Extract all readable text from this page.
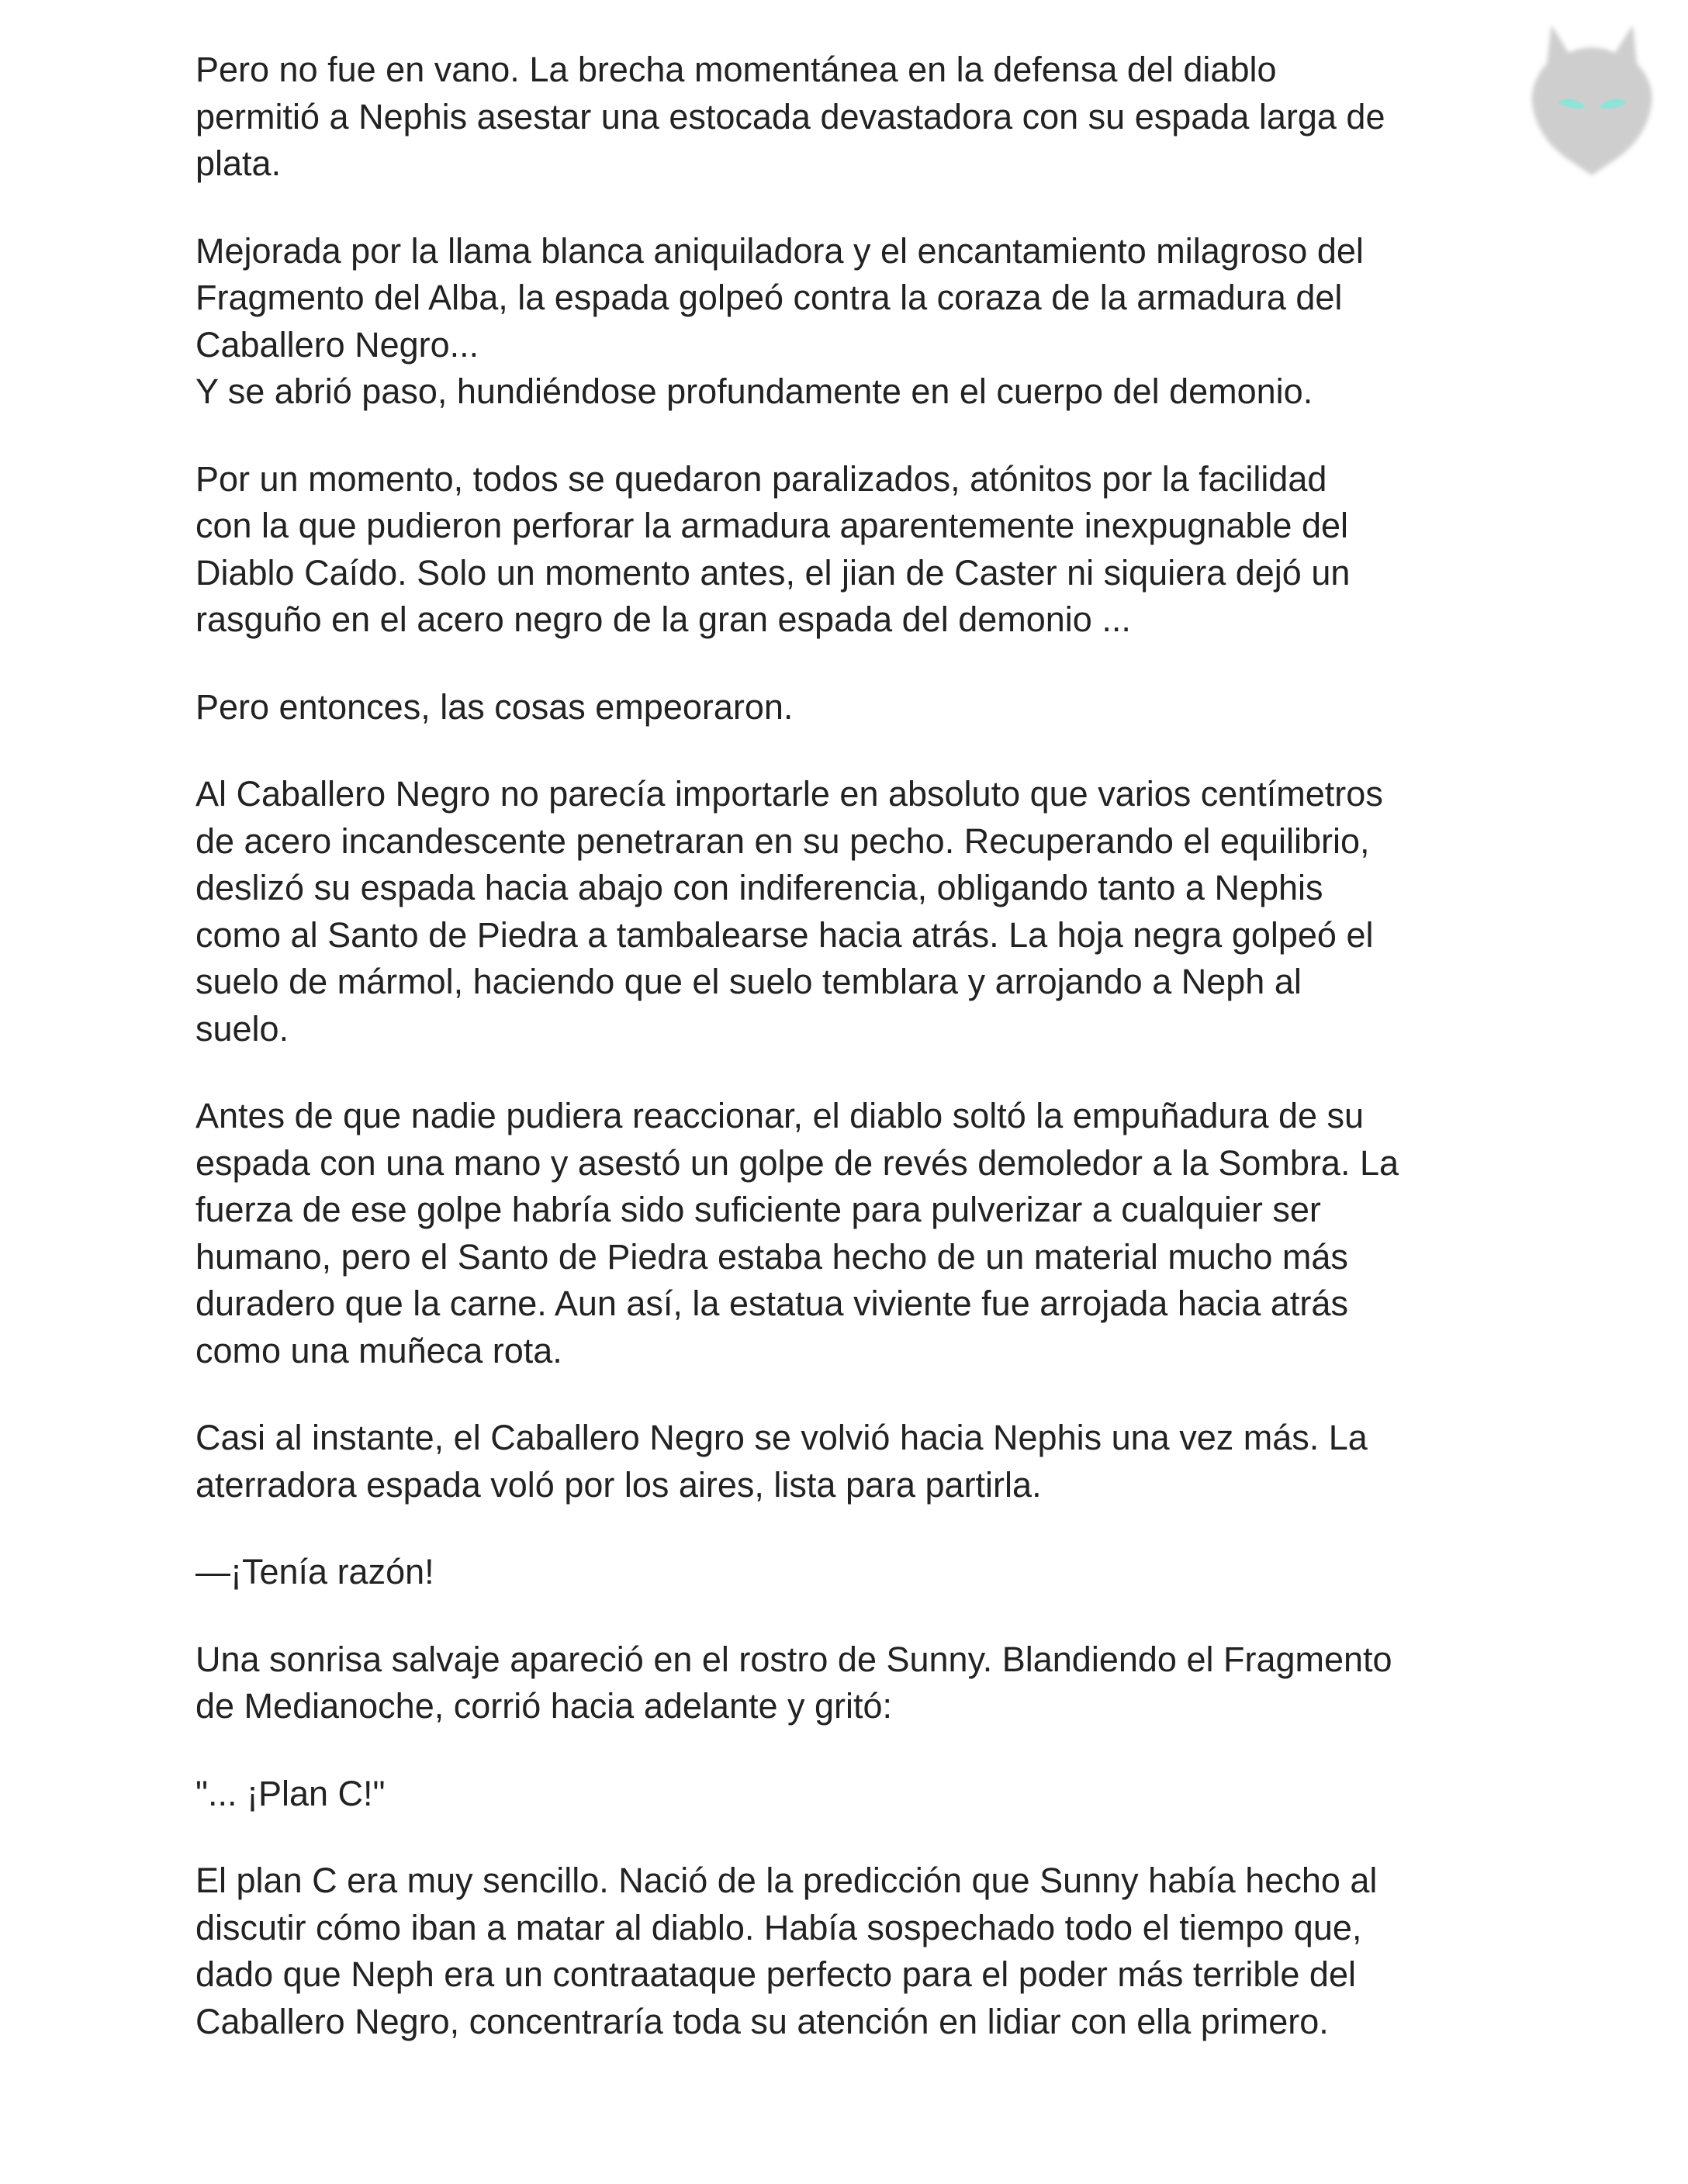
Pero no fue en vano. La brecha momentánea en la defensa del diablo
permitió a Nephis asestar una estocada devastadora con su espada larga de
plata.

Mejorada por la llama blanca aniquiladora y el encantamiento milagroso del
Fragmento del Alba, la espada golpeó contra la coraza de la armadura del
Caballero Negro...
Y se abrió paso, hundiéndose profundamente en el cuerpo del demonio.

Por un momento, todos se quedaron paralizados, atónitos por la facilidad
con la que pudieron perforar la armadura aparentemente inexpugnable del
Diablo Caído. Solo un momento antes, el jian de Caster ni siquiera dejó un
rasguño en el acero negro de la gran espada del demonio ...

Pero entonces, las cosas empeoraron.

Al Caballero Negro no parecía importarle en absoluto que varios centímetros
de acero incandescente penetraran en su pecho. Recuperando el equilibrio,
deslizó su espada hacia abajo con indiferencia, obligando tanto a Nephis
como al Santo de Piedra a tambalearse hacia atrás. La hoja negra golpeó el
suelo de mármol, haciendo que el suelo temblara y arrojando a Neph al
suelo.

Antes de que nadie pudiera reaccionar, el diablo soltó la empuñadura de su
espada con una mano y asestó un golpe de revés demoledor a la Sombra. La
fuerza de ese golpe habría sido suficiente para pulverizar a cualquier ser
humano, pero el Santo de Piedra estaba hecho de un material mucho más
duradero que la carne. Aun así, la estatua viviente fue arrojada hacia atrás
como una muñeca rota.

Casi al instante, el Caballero Negro se volvió hacia Nephis una vez más. La
aterradora espada voló por los aires, lista para partirla.

—¡Tenía razón!

Una sonrisa salvaje apareció en el rostro de Sunny. Blandiendo el Fragmento
de Medianoche, corrió hacia adelante y gritó:

"... ¡Plan C!"

El plan C era muy sencillo. Nació de la predicción que Sunny había hecho al
discutir cómo iban a matar al diablo. Había sospechado todo el tiempo que,
dado que Neph era un contraataque perfecto para el poder más terrible del
Caballero Negro, concentraría toda su atención en lidiar con ella primero.
